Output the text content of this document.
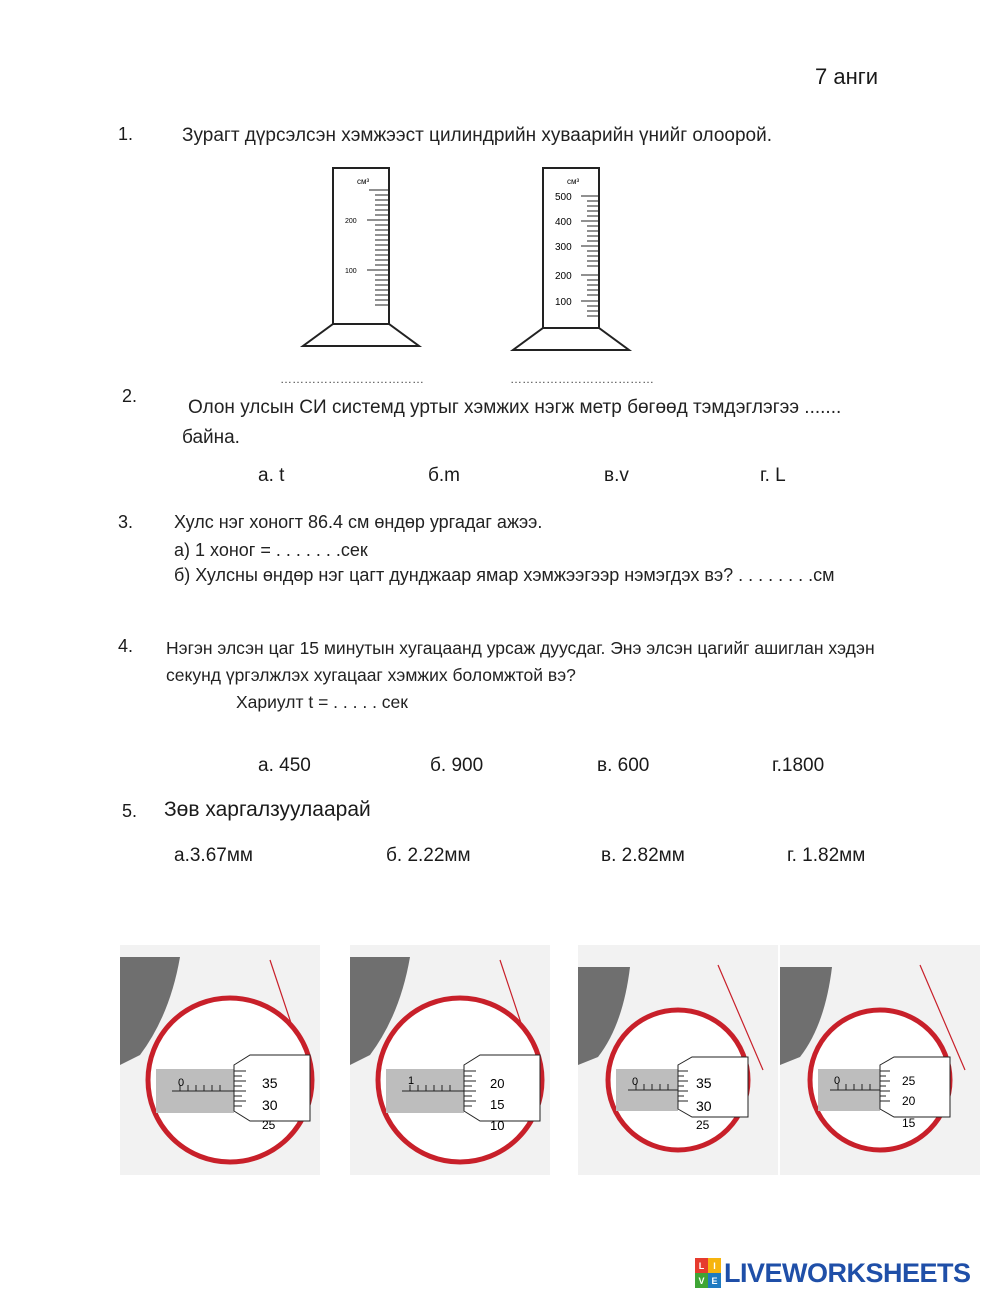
7 анги
1.	Зурагт дүрсэлсэн хэмжээст цилиндрийн хуваарийн үнийг олоорой.
см³
200
100
см³
500
400
300
200
100
………………………………	………………………………
2.
Олон улсын СИ системд уртыг хэмжих нэгж метр бөгөөд тэмдэглэгээ .......
байна.
а. t	б.m	в.v	г. L
3. Хулс нэг хоногт 86.4 см өндөр ургадаг ажээ.
а) 1 хоног = . . . . . . .сек
б) Хулсны өндөр нэг цагт дунджаар ямар хэмжээгээр нэмэгдэх вэ? . . . . . . . .см
4. Нэгэн элсэн цаг 15 минутын хугацаанд урсаж дуусдаг. Энэ элсэн цагийг ашиглан хэдэн
секунд үргэлжлэх хугацааг хэмжих боломжтой вэ?
Хариулт t = . . . . . сек
а. 450	б. 900	в. 600	г.1800
5. Зөв харгалзуулаарай
а.3.67мм	б. 2.22мм	в. 2.82мм	г. 1.82мм
0	35
30
25
1	20
15
10
0	35
30
25
0	25
20
15
L I
V E LIVEWORKSHEETS
